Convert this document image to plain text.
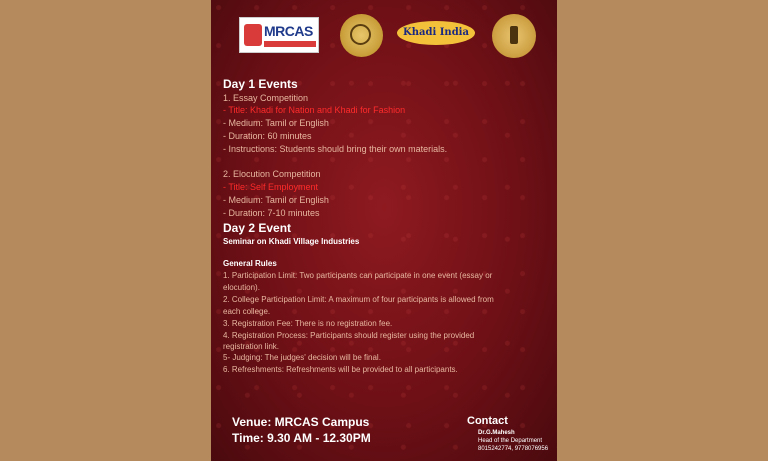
MRCAS	Khadi India
Day 1 Events
1. Essay Competition
- Title: Khadi for Nation and Khadi for Fashion
- Medium: Tamil or English
- Duration: 60 minutes
- Instructions: Students should bring their own materials.
2. Elocution Competition
- Title: Self Employment
- Medium: Tamil or English
- Duration: 7-10 minutes
Day 2 Event
Seminar on Khadi Village Industries
General Rules
1. Participation Limit: Two participants can participate in one event (essay or
elocution).
2. College Participation Limit: A maximum of four participants is allowed from
each college.
3. Registration Fee: There is no registration fee.
4. Registration Process: Participants should register using the provided
registration link.
5- Judging: The judges' decision will be final.
6. Refreshments: Refreshments will be provided to all participants.
Venue: MRCAS Campus
Time: 9.30 AM - 12.30PM
Contact
Dr.G.Mahesh
Head of the Department
8015242774, 9778076956
